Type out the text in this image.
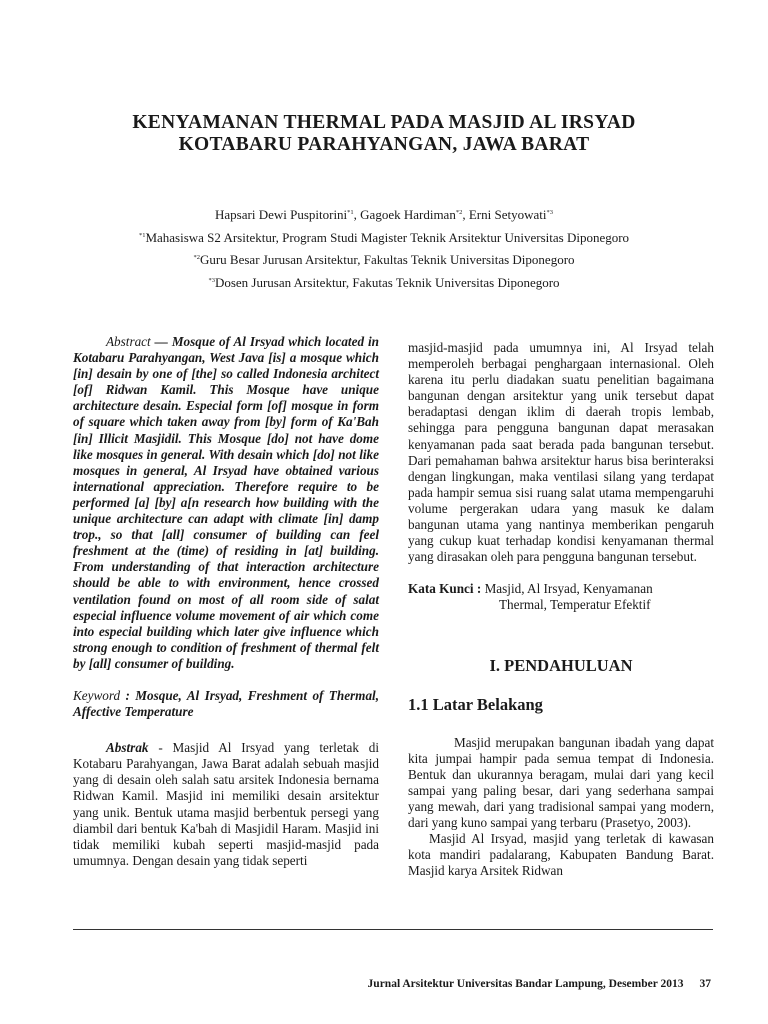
KENYAMANAN THERMAL PADA MASJID AL IRSYAD
KOTABARU PARAHYANGAN, JAWA BARAT
Hapsari Dewi Puspitorini$^{*1}$, Gagoek Hardiman$^{*2}$, Erni Setyowati$^{*3}$
$^{*1}$Mahasiswa S2 Arsitektur, Program Studi Magister Teknik Arsitektur Universitas Diponegoro
$^{*2}$Guru Besar Jurusan Arsitektur, Fakultas Teknik Universitas Diponegoro
$^{*3}$Dosen Jurusan Arsitektur, Fakutas Teknik Universitas Diponegoro

Abstract — Mosque of Al Irsyad which located in Kotabaru Parahyangan, West Java [is] a mosque which [in] desain by one of [the] so called Indonesia architect [of] Ridwan Kamil. This Mosque have unique architecture desain. Especial form [of] mosque in form of square which taken away from [by] form of Ka'Bah [in] Illicit Masjidil. This Mosque [do] not have dome like mosques in general. With desain which [do] not like mosques in general, Al Irsyad have obtained various international appreciation. Therefore require to be performed [a] [by] a[n research how building with the unique architecture can adapt with climate [in] damp trop., so that [all] consumer of building can feel freshment at the (time) of residing in [at] building. From understanding of that interaction architecture should be able to with environment, hence crossed ventilation found on most of all room side of salat especial influence volume movement of air which come into especial building which later give influence which strong enough to condition of freshment of thermal felt by [all] consumer of building.

Keyword : Mosque, Al Irsyad, Freshment of Thermal, Affective Temperature

Abstrak - Masjid Al Irsyad yang terletak di Kotabaru Parahyangan, Jawa Barat adalah sebuah masjid yang di desain oleh salah satu arsitek Indonesia bernama Ridwan Kamil. Masjid ini memiliki desain arsitektur yang unik. Bentuk utama masjid berbentuk persegi yang diambil dari bentuk Ka'bah di Masjidil Haram. Masjid ini tidak memiliki kubah seperti masjid-masjid pada umumnya. Dengan desain yang tidak seperti

masjid-masjid pada umumnya ini, Al Irsyad telah memperoleh berbagai penghargaan internasional. Oleh karena itu perlu diadakan suatu penelitian bagaimana bangunan dengan arsitektur yang unik tersebut dapat beradaptasi dengan iklim di daerah tropis lembab, sehingga para pengguna bangunan dapat merasakan kenyamanan pada saat berada pada bangunan tersebut. Dari pemahaman bahwa arsitektur harus bisa berinteraksi dengan lingkungan, maka ventilasi silang yang terdapat pada hampir semua sisi ruang salat utama mempengaruhi volume pergerakan udara yang masuk ke dalam bangunan utama yang nantinya memberikan pengaruh yang cukup kuat terhadap kondisi kenyamanan thermal yang dirasakan oleh para pengguna bangunan tersebut.

Kata Kunci : Masjid, Al Irsyad, Kenyamanan
Thermal, Temperatur Efektif

I. PENDAHULUAN

1.1 Latar Belakang

Masjid merupakan bangunan ibadah yang dapat kita jumpai hampir pada semua tempat di Indonesia. Bentuk dan ukurannya beragam, mulai dari yang kecil sampai yang paling besar, dari yang sederhana sampai yang mewah, dari yang tradisional sampai yang modern, dari yang kuno sampai yang terbaru (Prasetyo, 2003).

Masjid Al Irsyad, masjid yang terletak di kawasan kota mandiri padalarang, Kabupaten Bandung Barat. Masjid karya Arsitek Ridwan

Jurnal Arsitektur Universitas Bandar Lampung, Desember 2013 37
